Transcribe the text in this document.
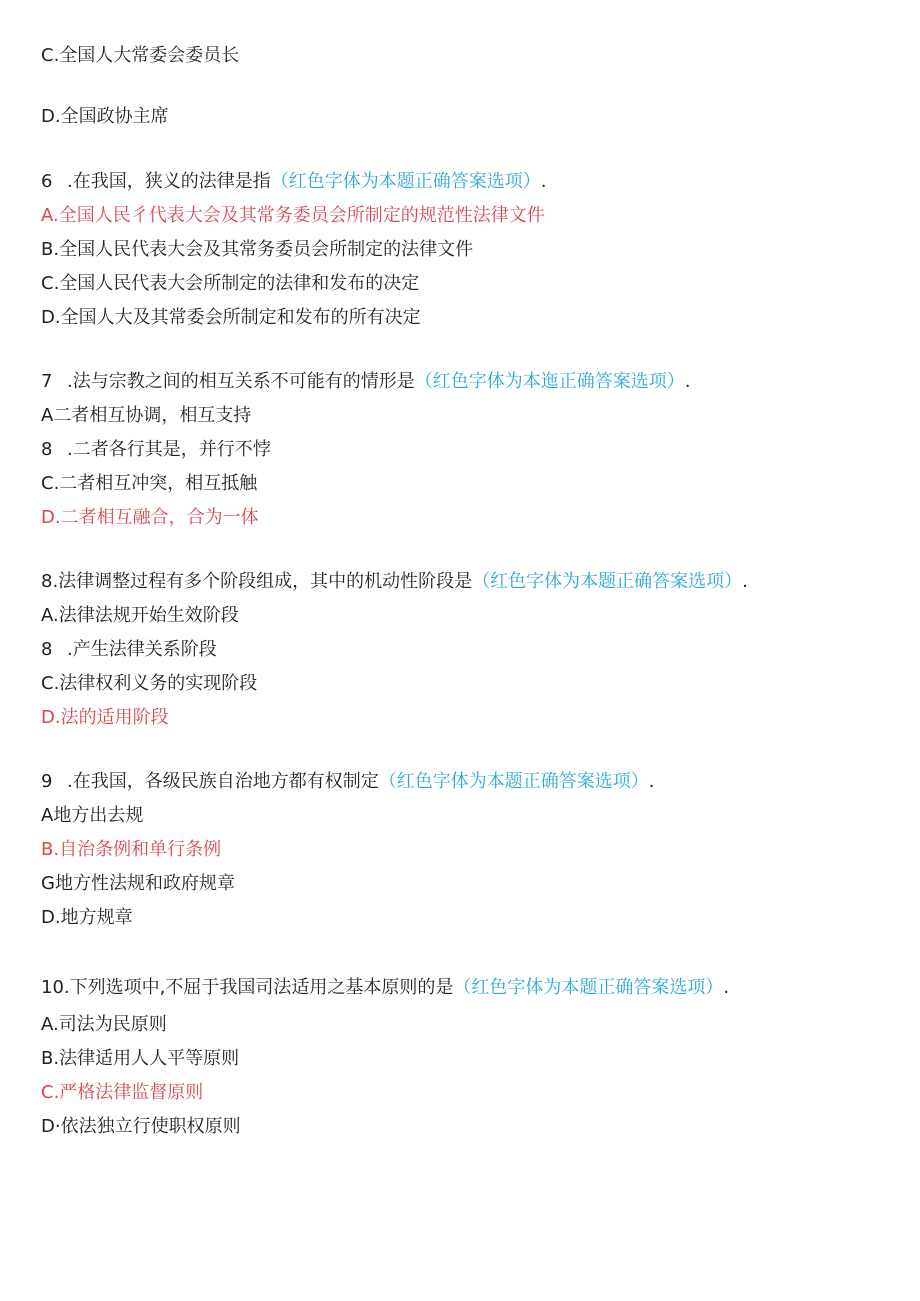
C.全国人大常委会委员长
D.全国政协主席
6 .在我国，狭义的法律是指（红色字体为本题正确答案选项）.
A.全国人民彳代表大会及其常务委员会所制定的规范性法律文件
B.全国人民代表大会及其常务委员会所制定的法律文件
C.全国人民代表大会所制定的法律和发布的决定
D.全国人大及其常委会所制定和发布的所有决定
7 .法与宗教之间的相互关系不可能有的情形是（红色字体为本迤正确答案选项）.
A二者相互协调，相互支持
8 .二者各行其是，并行不悖
C.二者相互冲突，相互抵触
D.二者相互融合，合为一体
8.法律调整过程有多个阶段组成，其中的机动性阶段是（红色字体为本题正确答案选项）.
A.法律法规开始生效阶段
8 .产生法律关系阶段
C.法律权利义务的实现阶段
D.法的适用阶段
9 .在我国，各级民族自治地方都有权制定（红色字体为本题正确答案选项）.
A地方出去规
B.自治条例和单行条例
G地方性法规和政府规章
D.地方规章
10.下列选项中,不屈于我国司法适用之基本原则的是（红色字体为本题正确答案选项）.
A.司法为民原则
B.法律适用人人平等原则
C.严格法律监督原则
D·依法独立行使职权原则
